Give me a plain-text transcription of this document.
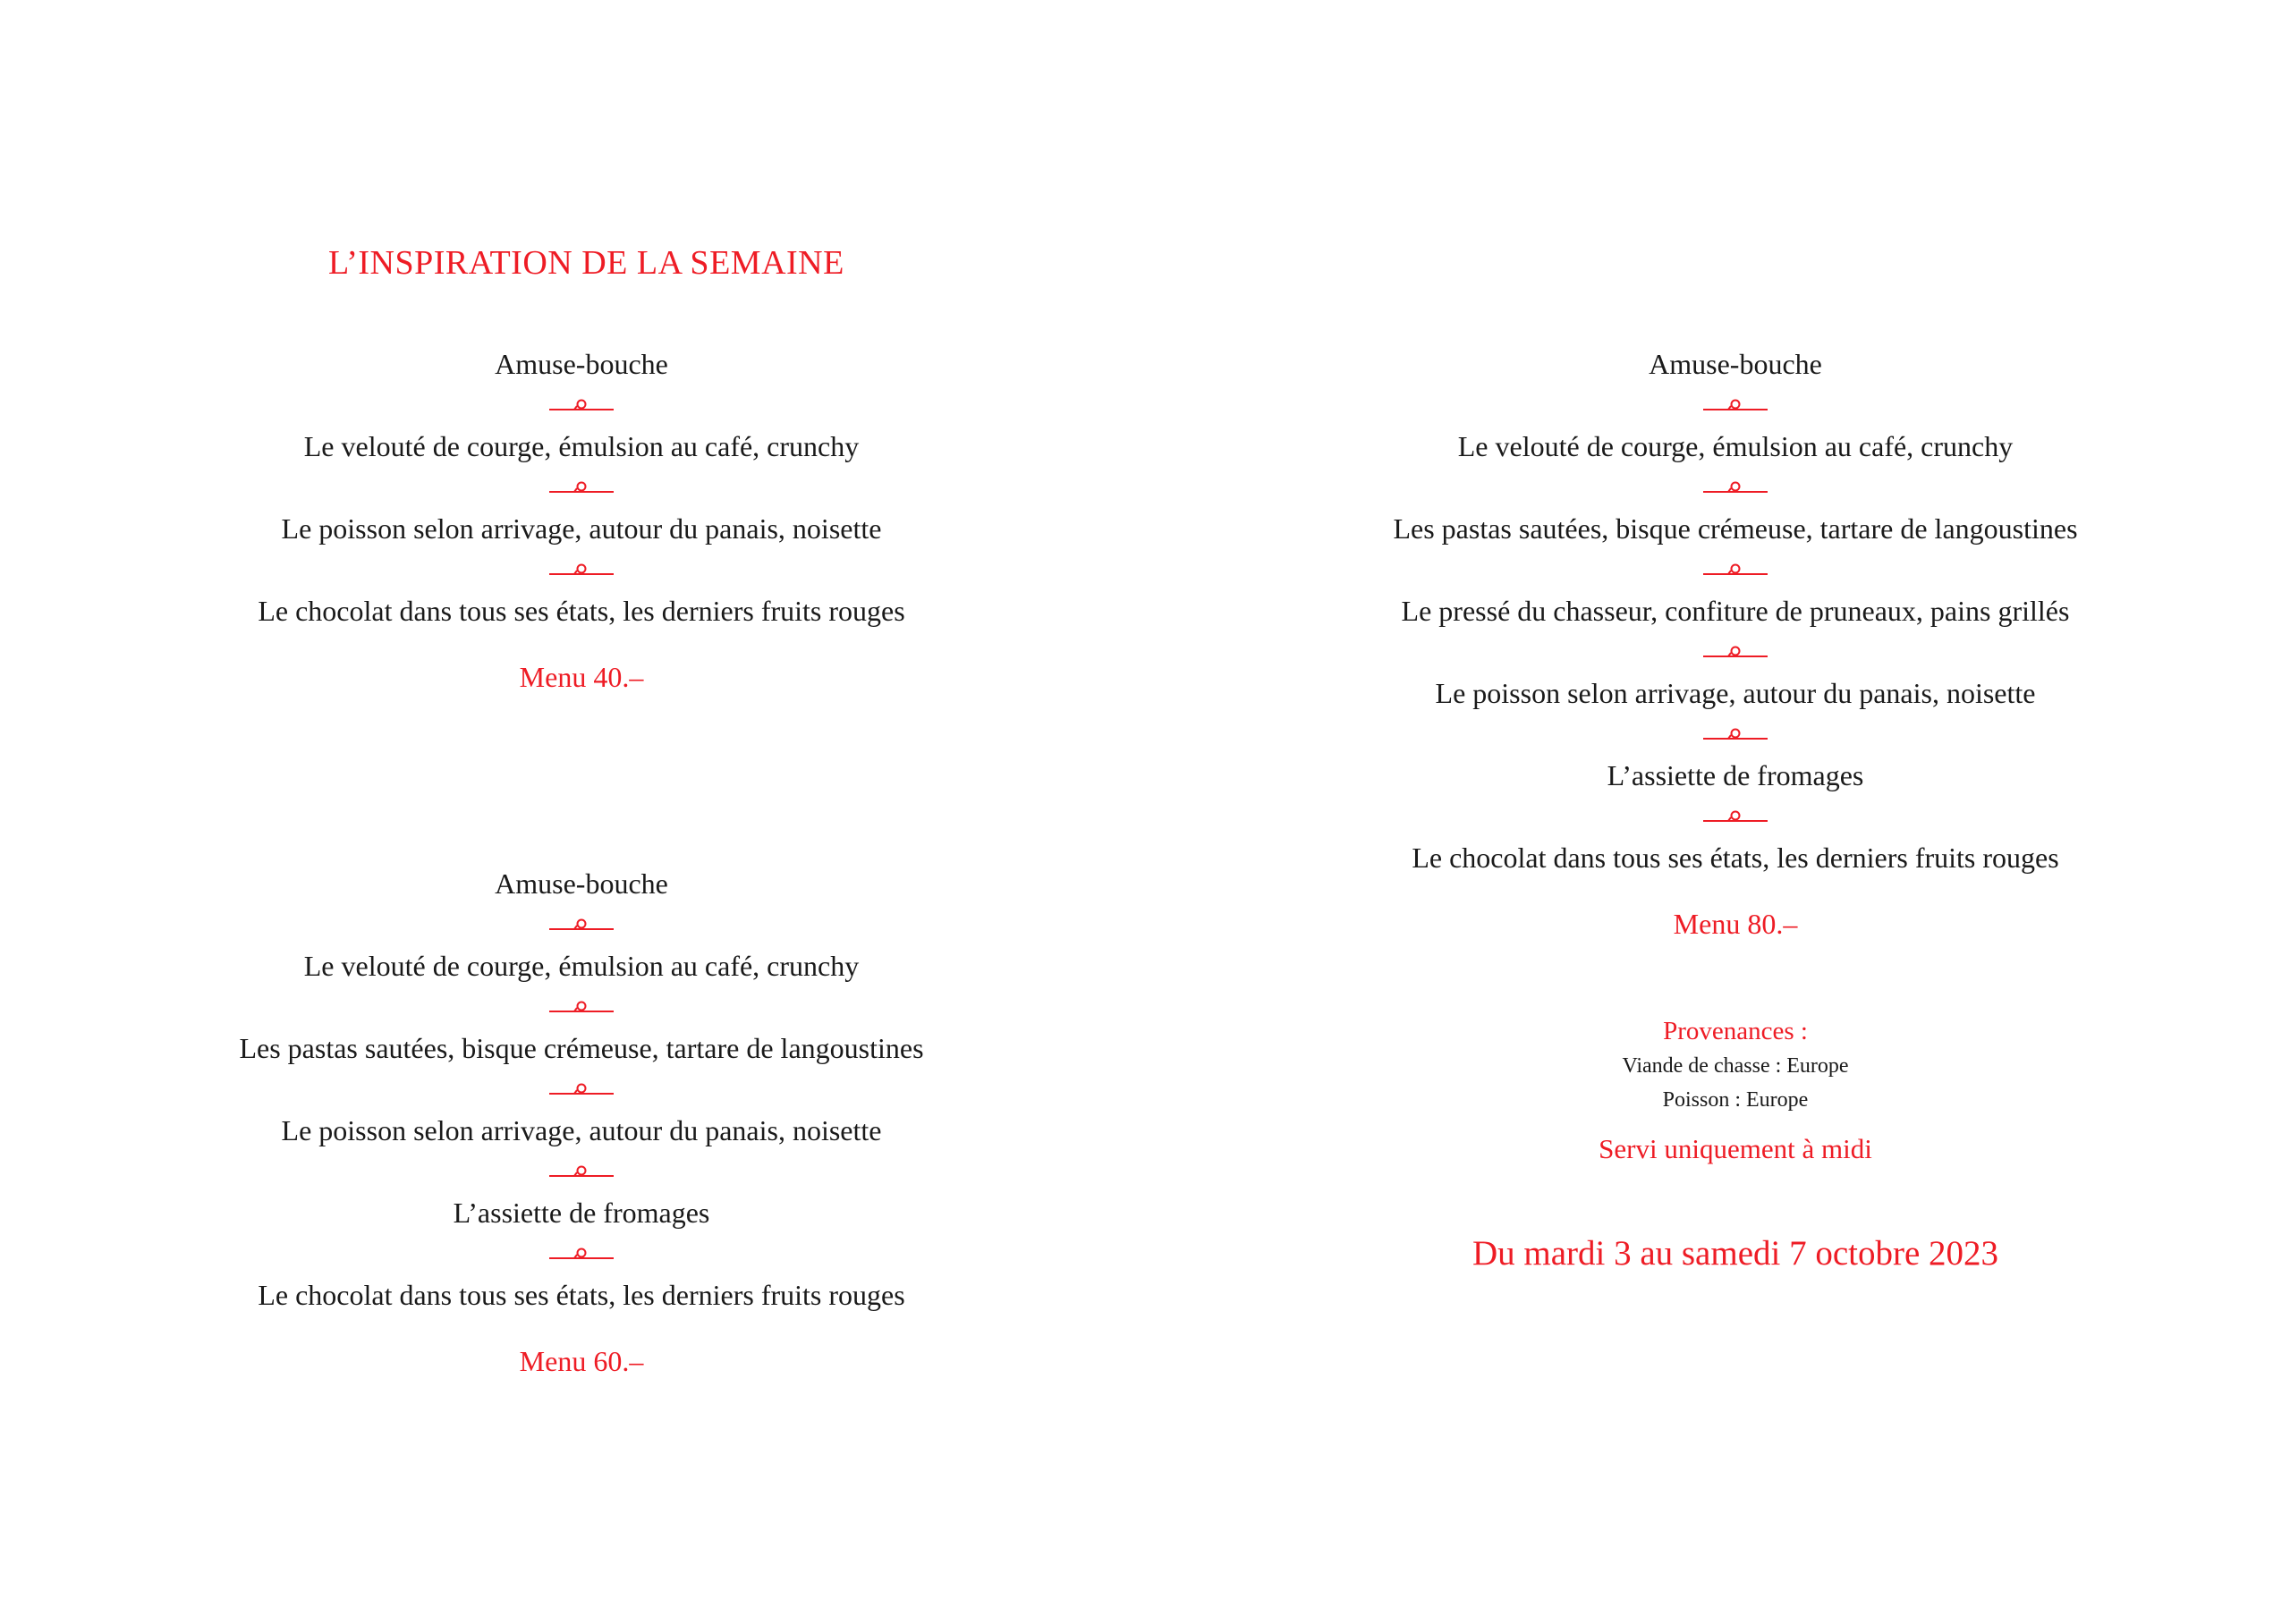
L’INSPIRATION DE LA SEMAINE
Amuse-bouche
Le velouté de courge, émulsion au café, crunchy
Le poisson selon arrivage, autour du panais, noisette
Le chocolat dans tous ses états, les derniers fruits rouges
Menu 40.–
Amuse-bouche
Le velouté de courge, émulsion au café, crunchy
Les pastas sautées, bisque crémeuse, tartare de langoustines
Le poisson selon arrivage, autour du panais, noisette
L’assiette de fromages
Le chocolat dans tous ses états, les derniers fruits rouges
Menu 60.–
Amuse-bouche
Le velouté de courge, émulsion au café, crunchy
Les pastas sautées, bisque crémeuse, tartare de langoustines
Le pressé du chasseur, confiture de pruneaux, pains grillés
Le poisson selon arrivage, autour du panais, noisette
L’assiette de fromages
Le chocolat dans tous ses états, les derniers fruits rouges
Menu 80.–
Provenances :
Viande de chasse : Europe
Poisson : Europe
Servi uniquement à midi
Du mardi 3 au samedi 7 octobre 2023
